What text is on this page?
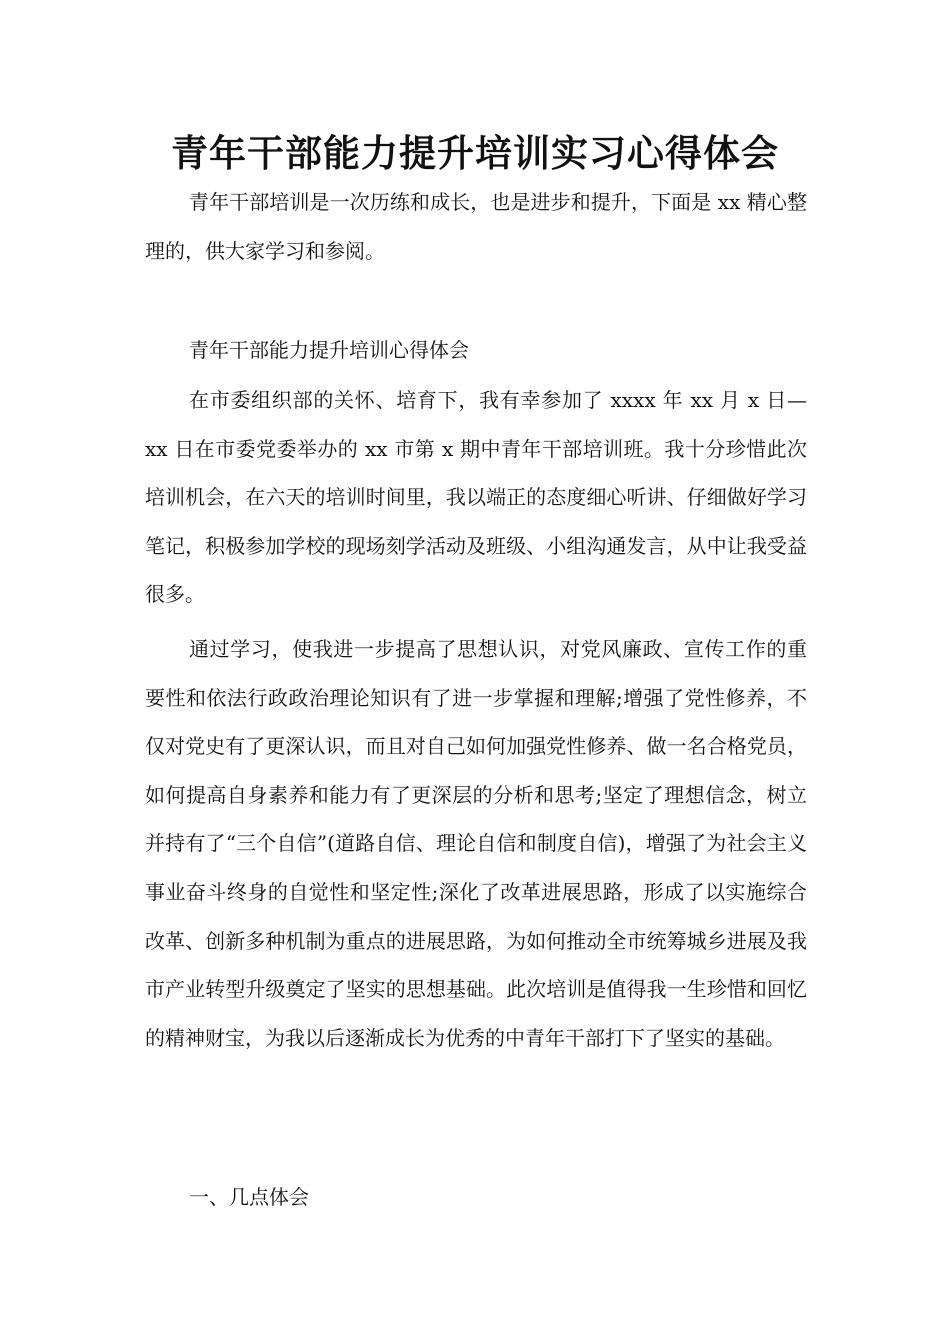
青年干部能力提升培训实习心得体会

青年干部培训是一次历练和成长，也是进步和提升，下面是 xx 精心整理的，供大家学习和参阅。

青年干部能力提升培训心得体会

在市委组织部的关怀、培育下，我有幸参加了 xxxx 年 xx 月 x 日—xx 日在市委党委举办的 xx 市第 x 期中青年干部培训班。我十分珍惜此次培训机会，在六天的培训时间里，我以端正的态度细心听讲、仔细做好学习笔记，积极参加学校的现场刻学活动及班级、小组沟通发言，从中让我受益很多。

通过学习，使我进一步提高了思想认识，对党风廉政、宣传工作的重要性和依法行政政治理论知识有了进一步掌握和理解;增强了党性修养，不仅对党史有了更深认识，而且对自己如何加强党性修养、做一名合格党员，如何提高自身素养和能力有了更深层的分析和思考;坚定了理想信念，树立并持有了“三个自信”(道路自信、理论自信和制度自信)，增强了为社会主义事业奋斗终身的自觉性和坚定性;深化了改革进展思路，形成了以实施综合改革、创新多种机制为重点的进展思路，为如何推动全市统筹城乡进展及我市产业转型升级奠定了坚实的思想基础。此次培训是值得我一生珍惜和回忆的精神财宝，为我以后逐渐成长为优秀的中青年干部打下了坚实的基础。

一、几点体会
